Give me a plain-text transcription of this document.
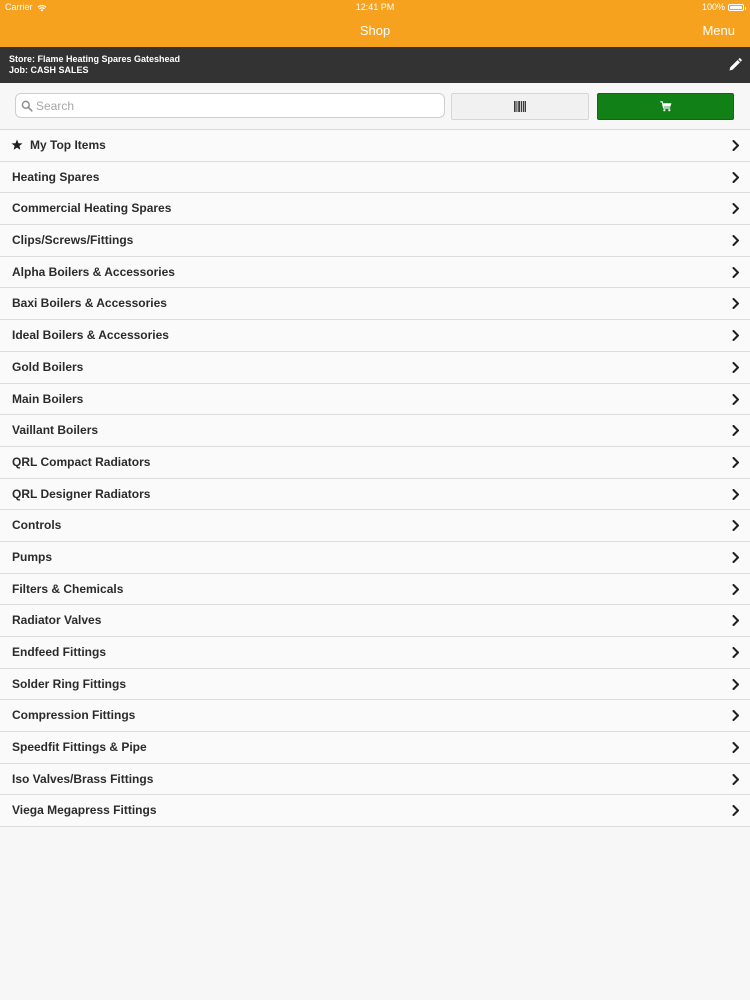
Carrier	12:41 PM	100%
Shop	Menu
Store: Flame Heating Spares Gateshead
Job: CASH SALES
Search
My Top Items
Heating Spares
Commercial Heating Spares
Clips/Screws/Fittings
Alpha Boilers & Accessories
Baxi Boilers & Accessories
Ideal Boilers & Accessories
Gold Boilers
Main Boilers
Vaillant Boilers
QRL Compact Radiators
QRL Designer Radiators
Controls
Pumps
Filters & Chemicals
Radiator Valves
Endfeed Fittings
Solder Ring Fittings
Compression Fittings
Speedfit Fittings & Pipe
Iso Valves/Brass Fittings
Viega Megapress Fittings
